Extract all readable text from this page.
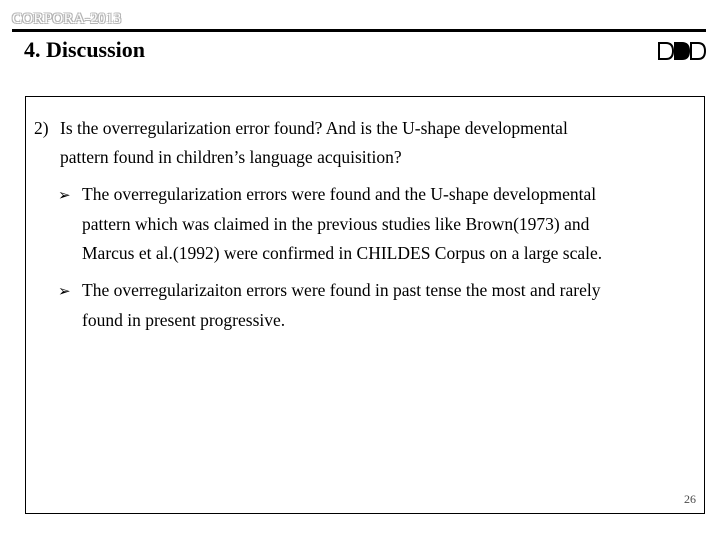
CORPORA-2013
4. Discussion
2) Is the overregularization error found? And is the U-shape developmental
pattern found in children’s language acquisition?
➢ The overregularization errors were found and the U-shape developmental
pattern which was claimed in the previous studies like Brown(1973) and
Marcus et al.(1992) were confirmed in CHILDES Corpus on a large scale.
➢ The overregularizaiton errors were found in past tense the most and rarely
found in present progressive.
26
